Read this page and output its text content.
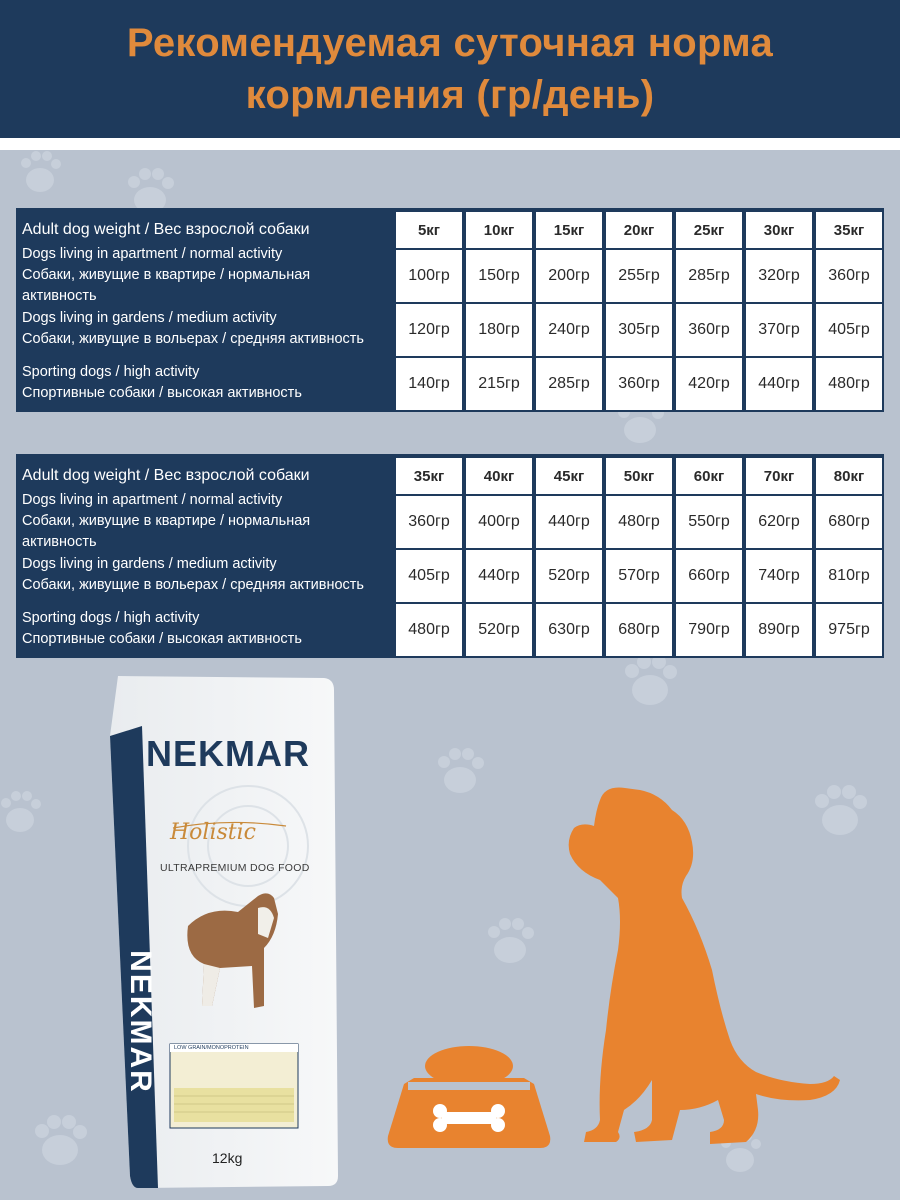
Рекомендуемая суточная норма
кормления (гр/день)
Adult dog weight / Вес взрослой собаки	5кг	10кг	15кг	20кг	25кг	30кг	35кг
Dogs living in apartment / normal activity
Собаки, живущие в квартире / нормальная активность
100гр	150гр	200гр	255гр	285гр	320гр	360гр
Dogs living in gardens / medium activity
Собаки, живущие в вольерах / средняя активность
120гр	180гр	240гр	305гр	360гр	370гр	405гр
Sporting dogs / high activity
Спортивные собаки / высокая активность
140гр	215гр	285гр	360гр	420гр	440гр	480гр
Adult dog weight / Вес взрослой собаки	35кг	40кг	45кг	50кг	60кг	70кг	80кг
Dogs living in apartment / normal activity
Собаки, живущие в квартире / нормальная активность
360гр	400гр	440гр	480гр	550гр	620гр	680гр
Dogs living in gardens / medium activity
Собаки, живущие в вольерах / средняя активность
405гр	440гр	520гр	570гр	660гр	740гр	810гр
Sporting dogs / high activity
Спортивные собаки / высокая активность
480гр	520гр	630гр	680гр	790гр	890гр	975гр
NEKMAR
Holistic
ULTRAPREMIUM DOG FOOD
NEKMAR	LOW GRAIN/MONOPROTEIN
12kg
